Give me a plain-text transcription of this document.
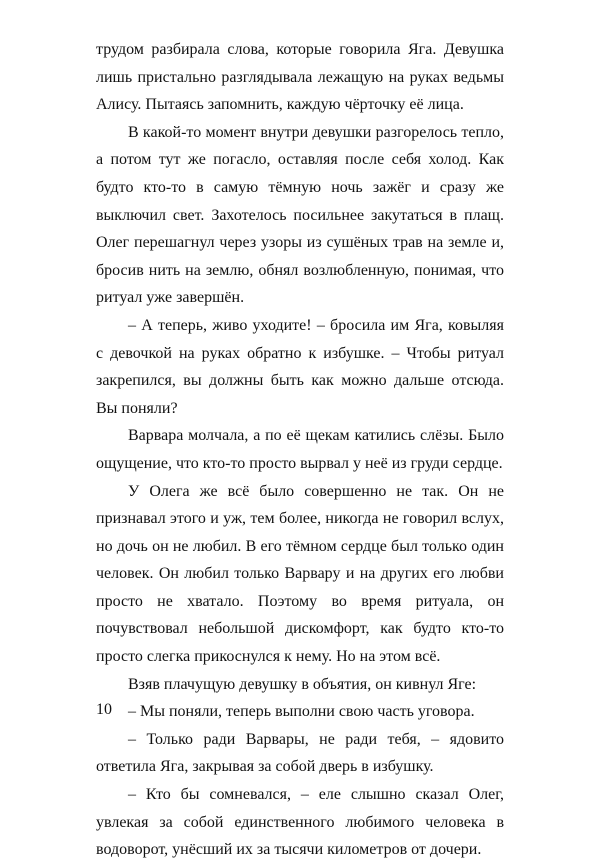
трудом разбирала слова, которые говорила Яга. Девушка лишь пристально разглядывала лежащую на руках ведьмы Алису. Пытаясь запомнить, каждую чёрточку её лица.

В какой-то момент внутри девушки разгорелось тепло, а потом тут же погасло, оставляя после себя холод. Как будто кто-то в самую тёмную ночь зажёг и сразу же выключил свет. Захотелось посильнее закутаться в плащ. Олег перешагнул через узоры из сушёных трав на земле и, бросив нить на землю, обнял возлюбленную, понимая, что ритуал уже завершён.

– А теперь, живо уходите! – бросила им Яга, ковыляя с девочкой на руках обратно к избушке. – Чтобы ритуал закрепился, вы должны быть как можно дальше отсюда. Вы поняли?

Варвара молчала, а по её щекам катились слёзы. Было ощущение, что кто-то просто вырвал у неё из груди сердце.

У Олега же всё было совершенно не так. Он не признавал этого и уж, тем более, никогда не говорил вслух, но дочь он не любил. В его тёмном сердце был только один человек. Он любил только Варвару и на других его любви просто не хватало. Поэтому во время ритуала, он почувствовал небольшой дискомфорт, как будто кто-то просто слегка прикоснулся к нему. Но на этом всё.

Взяв плачущую девушку в объятия, он кивнул Яге:

– Мы поняли, теперь выполни свою часть уговора.

– Только ради Варвары, не ради тебя, – ядовито ответила Яга, закрывая за собой дверь в избушку.

– Кто бы сомневался, – еле слышно сказал Олег, увлекая за собой единственного любимого человека в водоворот, унёсший их за тысячи километров от дочери.

10
